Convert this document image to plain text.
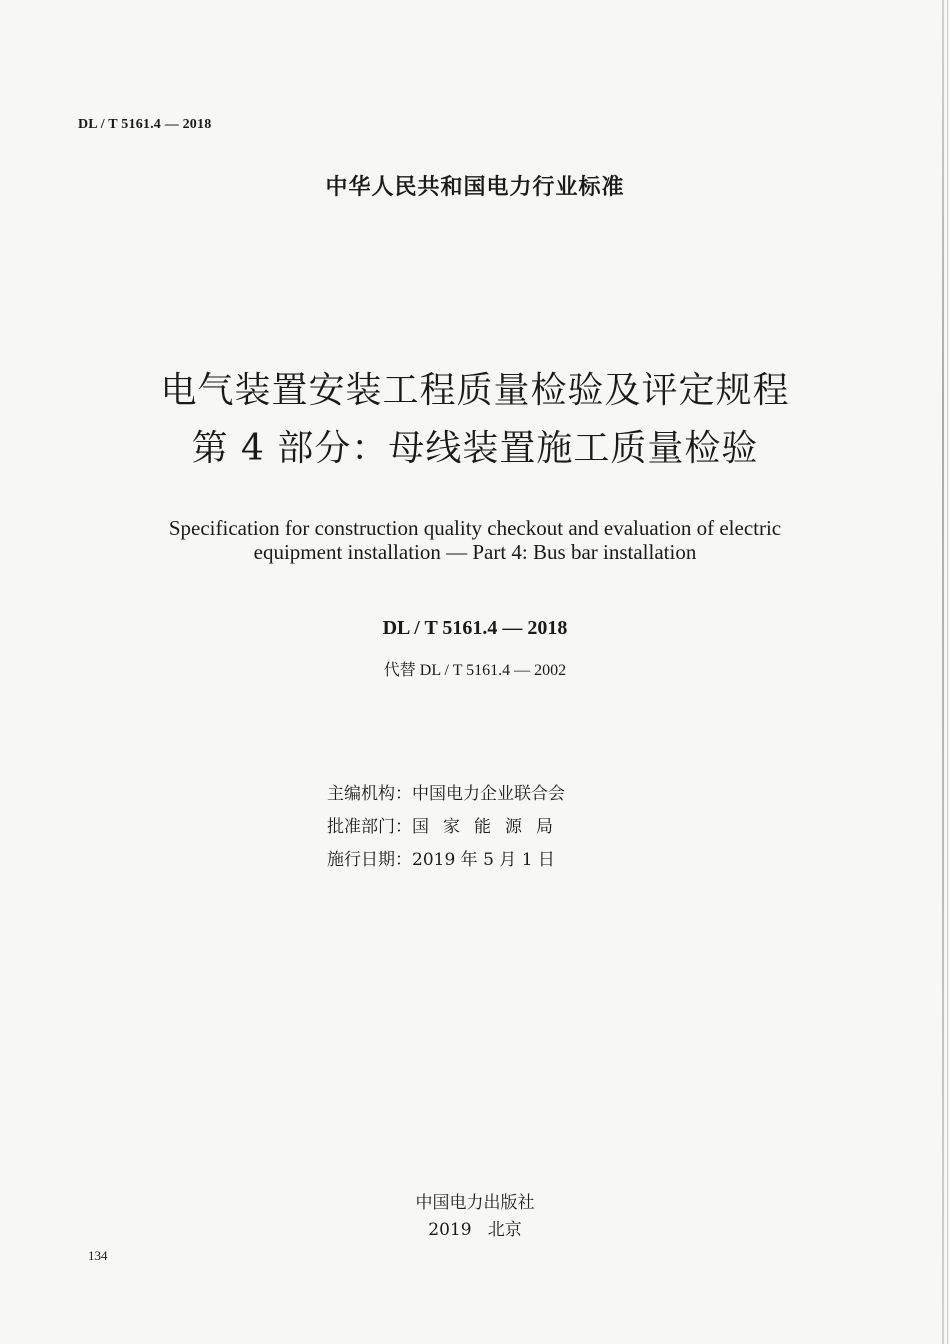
DL / T 5161.4 — 2018
中华人民共和国电力行业标准
电气装置安装工程质量检验及评定规程
第 4 部分：母线装置施工质量检验
Specification for construction quality checkout and evaluation of electric
equipment installation — Part 4: Bus bar installation
DL / T 5161.4 — 2018
代替 DL / T 5161.4 — 2002
主编机构：中国电力企业联合会
批准部门：国家能源局
施行日期：2019 年 5 月 1 日
中国电力出版社
2019   北京
134
